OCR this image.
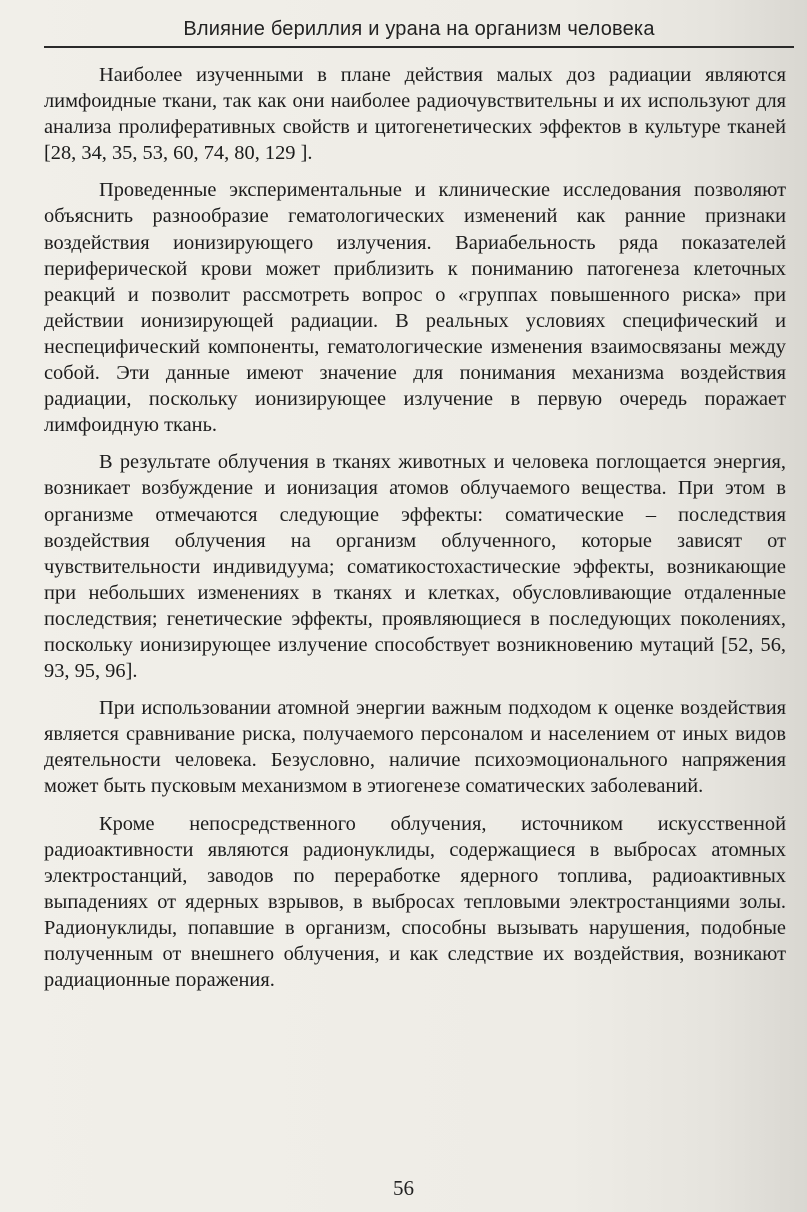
Влияние бериллия и урана на организм человека

Наиболее изученными в плане действия малых доз радиации являются лимфоидные ткани, так как они наиболее радиочувствительны и их используют для анализа пролиферативных свойств и цитогенетических эффектов в культуре тканей [28, 34, 35, 53, 60, 74, 80, 129 ].

Проведенные экспериментальные и клинические исследования позволяют объяснить разнообразие гематологических изменений как ранние признаки воздействия ионизирующего излучения. Вариабельность ряда показателей периферической крови может приблизить к пониманию патогенеза клеточных реакций и позволит рассмотреть вопрос о «группах повышенного риска» при действии ионизирующей радиации. В реальных условиях специфический и неспецифический компоненты, гематологические изменения взаимосвязаны между собой. Эти данные имеют значение для понимания механизма воздействия радиации, поскольку ионизирующее излучение в первую очередь поражает лимфоидную ткань.

В результате облучения в тканях животных и человека поглощается энергия, возникает возбуждение и ионизация атомов облучаемого вещества. При этом в организме отмечаются следующие эффекты: соматические – последствия воздействия облучения на организм облученного, которые зависят от чувствительности индивидуума; соматикостохастические эффекты, возникающие при небольших изменениях в тканях и клетках, обусловливающие отдаленные последствия; генетические эффекты, проявляющиеся в последующих поколениях, поскольку ионизирующее излучение способствует возникновению мутаций [52, 56, 93, 95, 96].

При использовании атомной энергии важным подходом к оценке воздействия является сравнивание риска, получаемого персоналом и населением от иных видов деятельности человека. Безусловно, наличие психоэмоционального напряжения может быть пусковым механизмом в этиогенезе соматических заболеваний.

Кроме непосредственного облучения, источником искусственной радиоактивности являются радионуклиды, содержащиеся в выбросах атомных электростанций, заводов по переработке ядерного топлива, радиоактивных выпадениях от ядерных взрывов, в выбросах тепловыми электростанциями золы. Радионуклиды, попавшие в организм, способны вызывать нарушения, подобные полученным от внешнего облучения, и как следствие их воздействия, возникают радиационные поражения.

56
